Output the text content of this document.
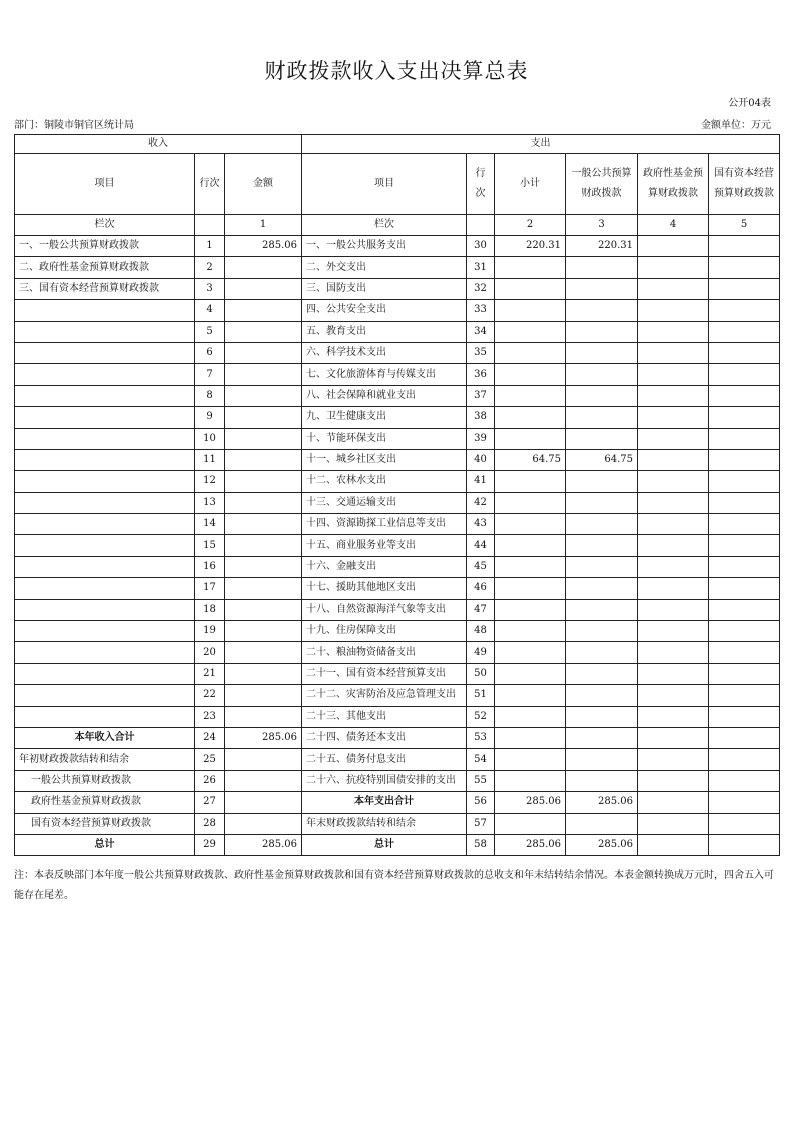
财政拨款收入支出决算总表
公开04表
部门：铜陵市铜官区统计局	金额单位：万元
收入			支出					
项目	行次	金额	项目	行次	小计	一般公共预算财政拨款	政府性基金预算财政拨款	国有资本经营预算财政拨款
栏次		1	栏次		2	3	4	5
一、一般公共预算财政拨款	1	285.06	一、一般公共服务支出	30	220.31	220.31		
二、政府性基金预算财政拨款	2		二、外交支出	31				
三、国有资本经营预算财政拨款	3		三、国防支出	32				
	4		四、公共安全支出	33				
	5		五、教育支出	34				
	6		六、科学技术支出	35				
	7		七、文化旅游体育与传媒支出	36				
	8		八、社会保障和就业支出	37				
	9		九、卫生健康支出	38				
	10		十、节能环保支出	39				
	11		十一、城乡社区支出	40	64.75	64.75		
	12		十二、农林水支出	41				
	13		十三、交通运输支出	42				
	14		十四、资源勘探工业信息等支出	43				
	15		十五、商业服务业等支出	44				
	16		十六、金融支出	45				
	17		十七、援助其他地区支出	46				
	18		十八、自然资源海洋气象等支出	47				
	19		十九、住房保障支出	48				
	20		二十、粮油物资储备支出	49				
	21		二十一、国有资本经营预算支出	50				
	22		二十二、灾害防治及应急管理支出	51				
	23		二十三、其他支出	52				
本年收入合计	24	285.06	二十四、债务还本支出	53				
年初财政拨款结转和结余	25		二十五、债务付息支出	54				
一般公共预算财政拨款	26		二十六、抗疫特别国债安排的支出	55				
政府性基金预算财政拨款	27		本年支出合计	56	285.06	285.06		
国有资本经营预算财政拨款	28		年末财政拨款结转和结余	57				
总计	29	285.06	总计	58	285.06	285.06		
注：本表反映部门本年度一般公共预算财政拨款、政府性基金预算财政拨款和国有资本经营预算财政拨款的总收支和年末结转结余情况。本表金额转换成万元时，四舍五入可能存在尾差。
